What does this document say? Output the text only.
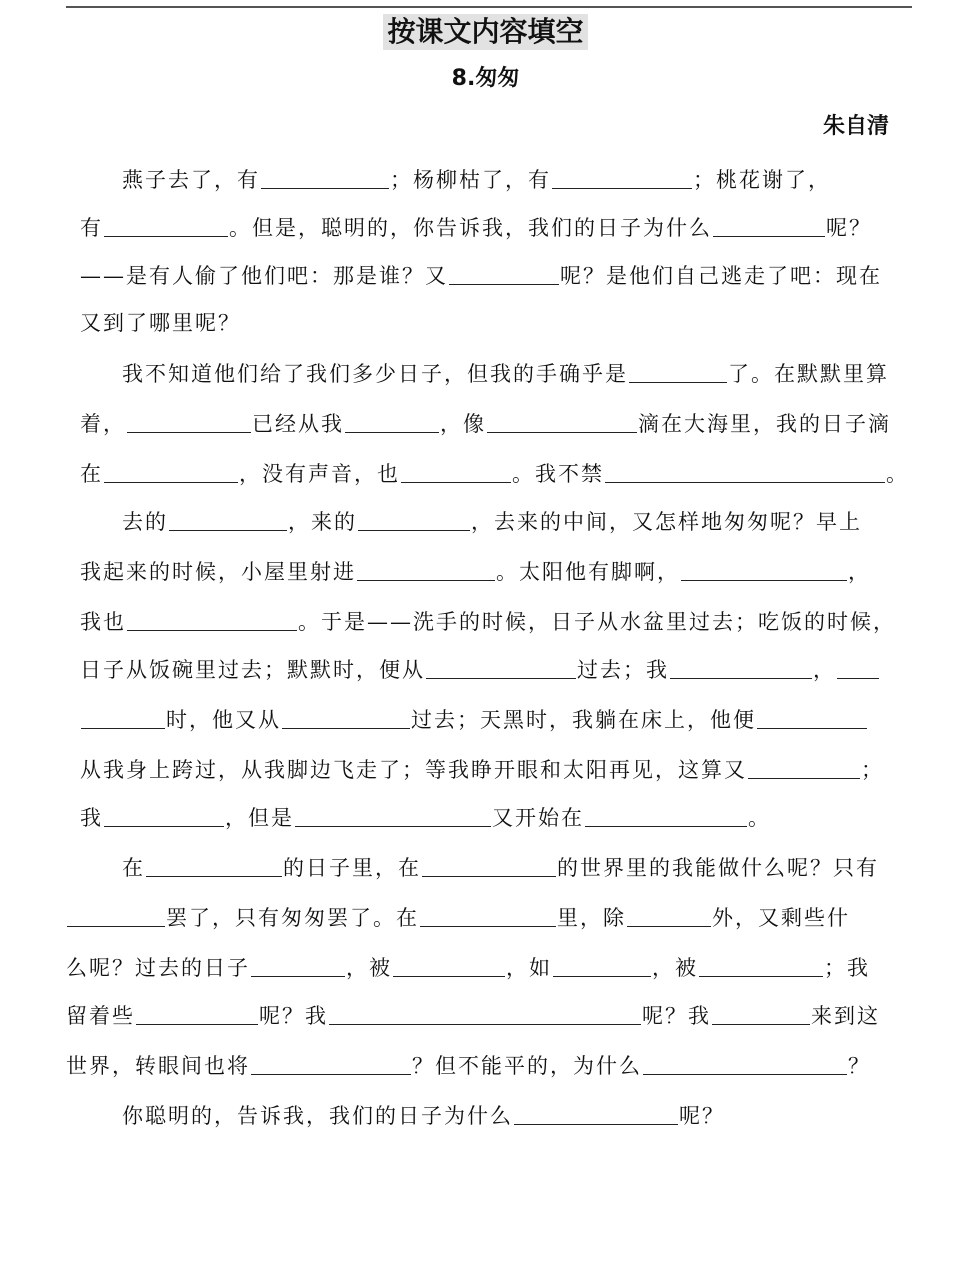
按课文内容填空
8.匆匆
朱自清
燕子去了，有	；杨柳枯了，有	；桃花谢了，
有	。但是，聪明的，你告诉我，我们的日子为什么	呢？
——是有人偷了他们吧：那是谁？又	呢？是他们自己逃走了吧：现在
又到了哪里呢？
我不知道他们给了我们多少日子，但我的手确乎是	了。在默默里算
着，	已经从我	，像	滴在大海里，我的日子滴
在	，没有声音，也	。我不禁	。
去的	，来的	，去来的中间，又怎样地匆匆呢？早上
我起来的时候，小屋里射进	。太阳他有脚啊，	，
我也	。于是——洗手的时候，日子从水盆里过去；吃饭的时候，
日子从饭碗里过去；默默时，便从	过去；我	，
时，他又从	过去；天黑时，我躺在床上，他便
从我身上跨过，从我脚边飞走了；等我睁开眼和太阳再见，这算又	；
我	，但是	又开始在	。
在	的日子里，在	的世界里的我能做什么呢？只有
罢了，只有匆匆罢了。在	里，除	外，又剩些什
么呢？过去的日子	，被	，如	，被	；我
留着些	呢？我	呢？我	来到这
世界，转眼间也将	？但不能平的，为什么	？
你聪明的，告诉我，我们的日子为什么	呢？
